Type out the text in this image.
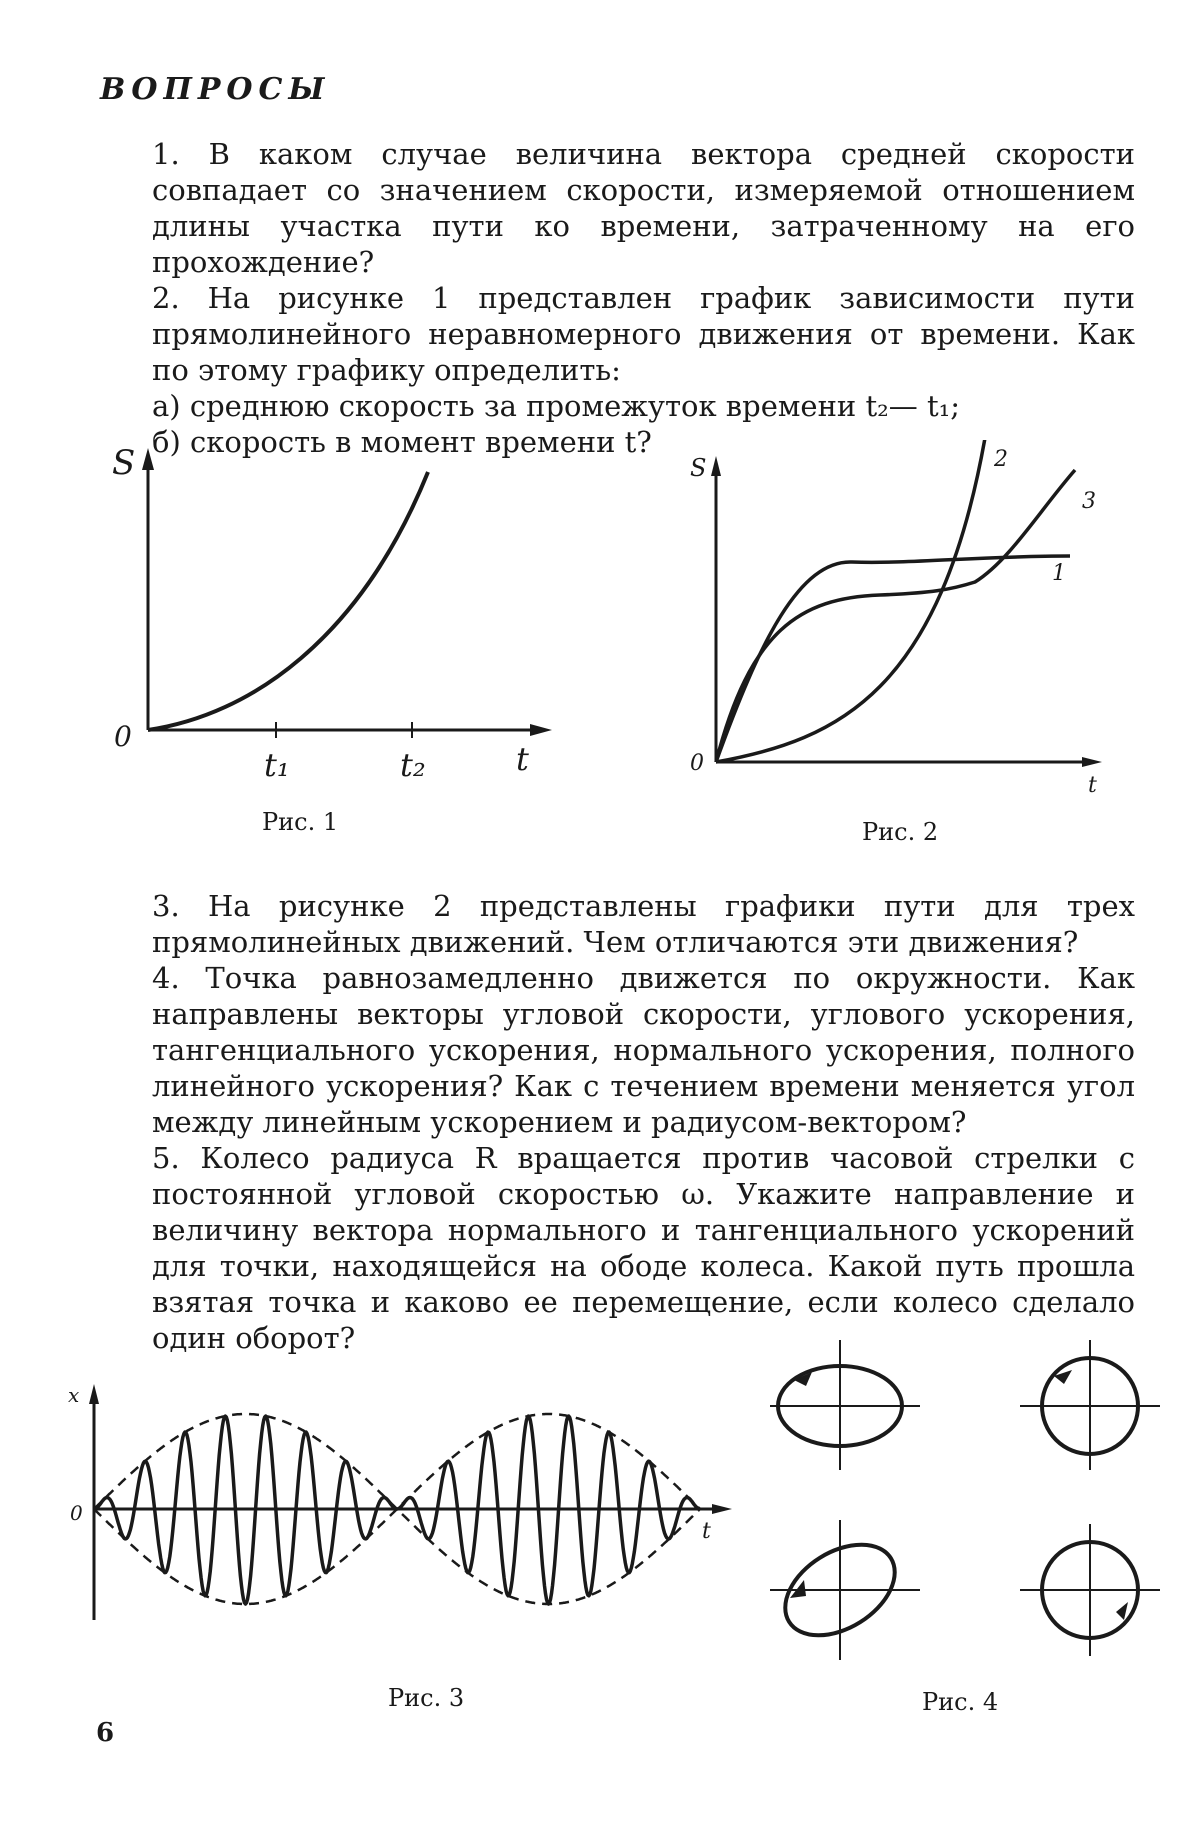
ВОПРОСЫ
1. В каком случае величина вектора средней скорости совпадает со значением скорости, измеряемой отношением длины участка пути ко времени, затраченному на его прохождение?
2. На рисунке 1 представлен график зависимости пути прямолинейного неравномерного движения от времени. Как по этому графику определить:
а) среднюю скорость за промежуток времени t₂— t₁;
б) скорость в момент времени t?
S
0
t₁	t₂	t
Рис. 1
S
0
t
1
2
3
Рис. 2
3. На рисунке 2 представлены графики пути для трех прямолинейных движений. Чем отличаются эти движения?
4. Точка равнозамедленно движется по окружности. Как направлены векторы угловой скорости, углового ускорения, тангенциального ускорения, нормального ускорения, полного линейного ускорения? Как с течением времени меняется угол между линейным ускорением и радиусом-вектором?
5. Колесо радиуса R вращается против часовой стрелки с постоянной угловой скоростью ω. Укажите направление и величину вектора нормального и тангенциального ускорений для точки, находящейся на ободе колеса. Какой путь прошла взятая точка и каково ее перемещение, если колесо сделало один оборот?
x
0
t
Рис. 3	Рис. 4
6
